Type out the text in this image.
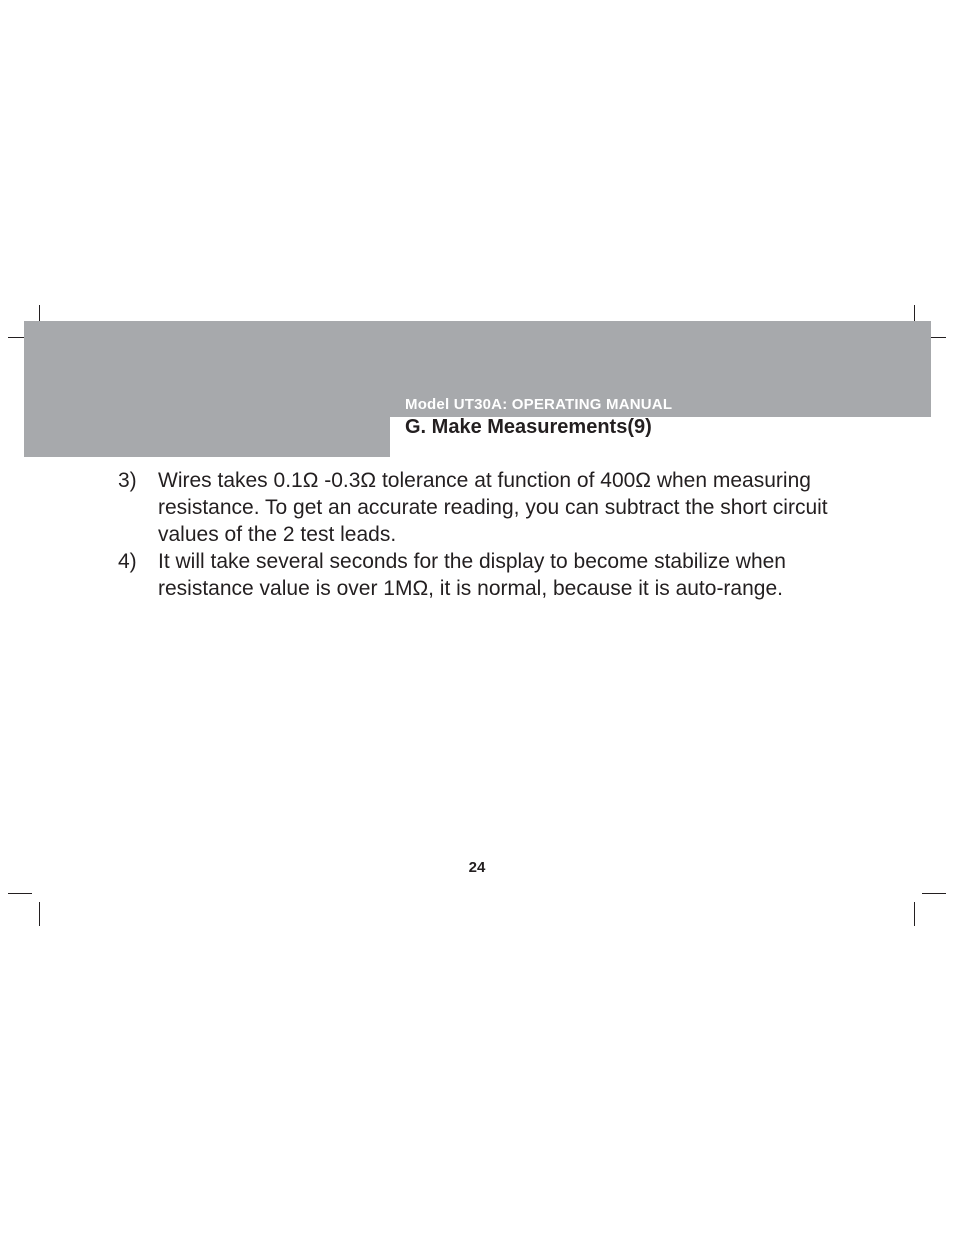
Model UT30A: OPERATING MANUAL
G. Make Measurements(9)

3)	Wires takes 0.1Ω -0.3Ω tolerance at function of 400Ω when measuring resistance. To get an accurate reading, you can subtract the short circuit values of the 2 test leads.

4)	It will take several seconds for the display to become stabilize when resistance value is over 1MΩ, it is normal, because it is auto-range.

24
